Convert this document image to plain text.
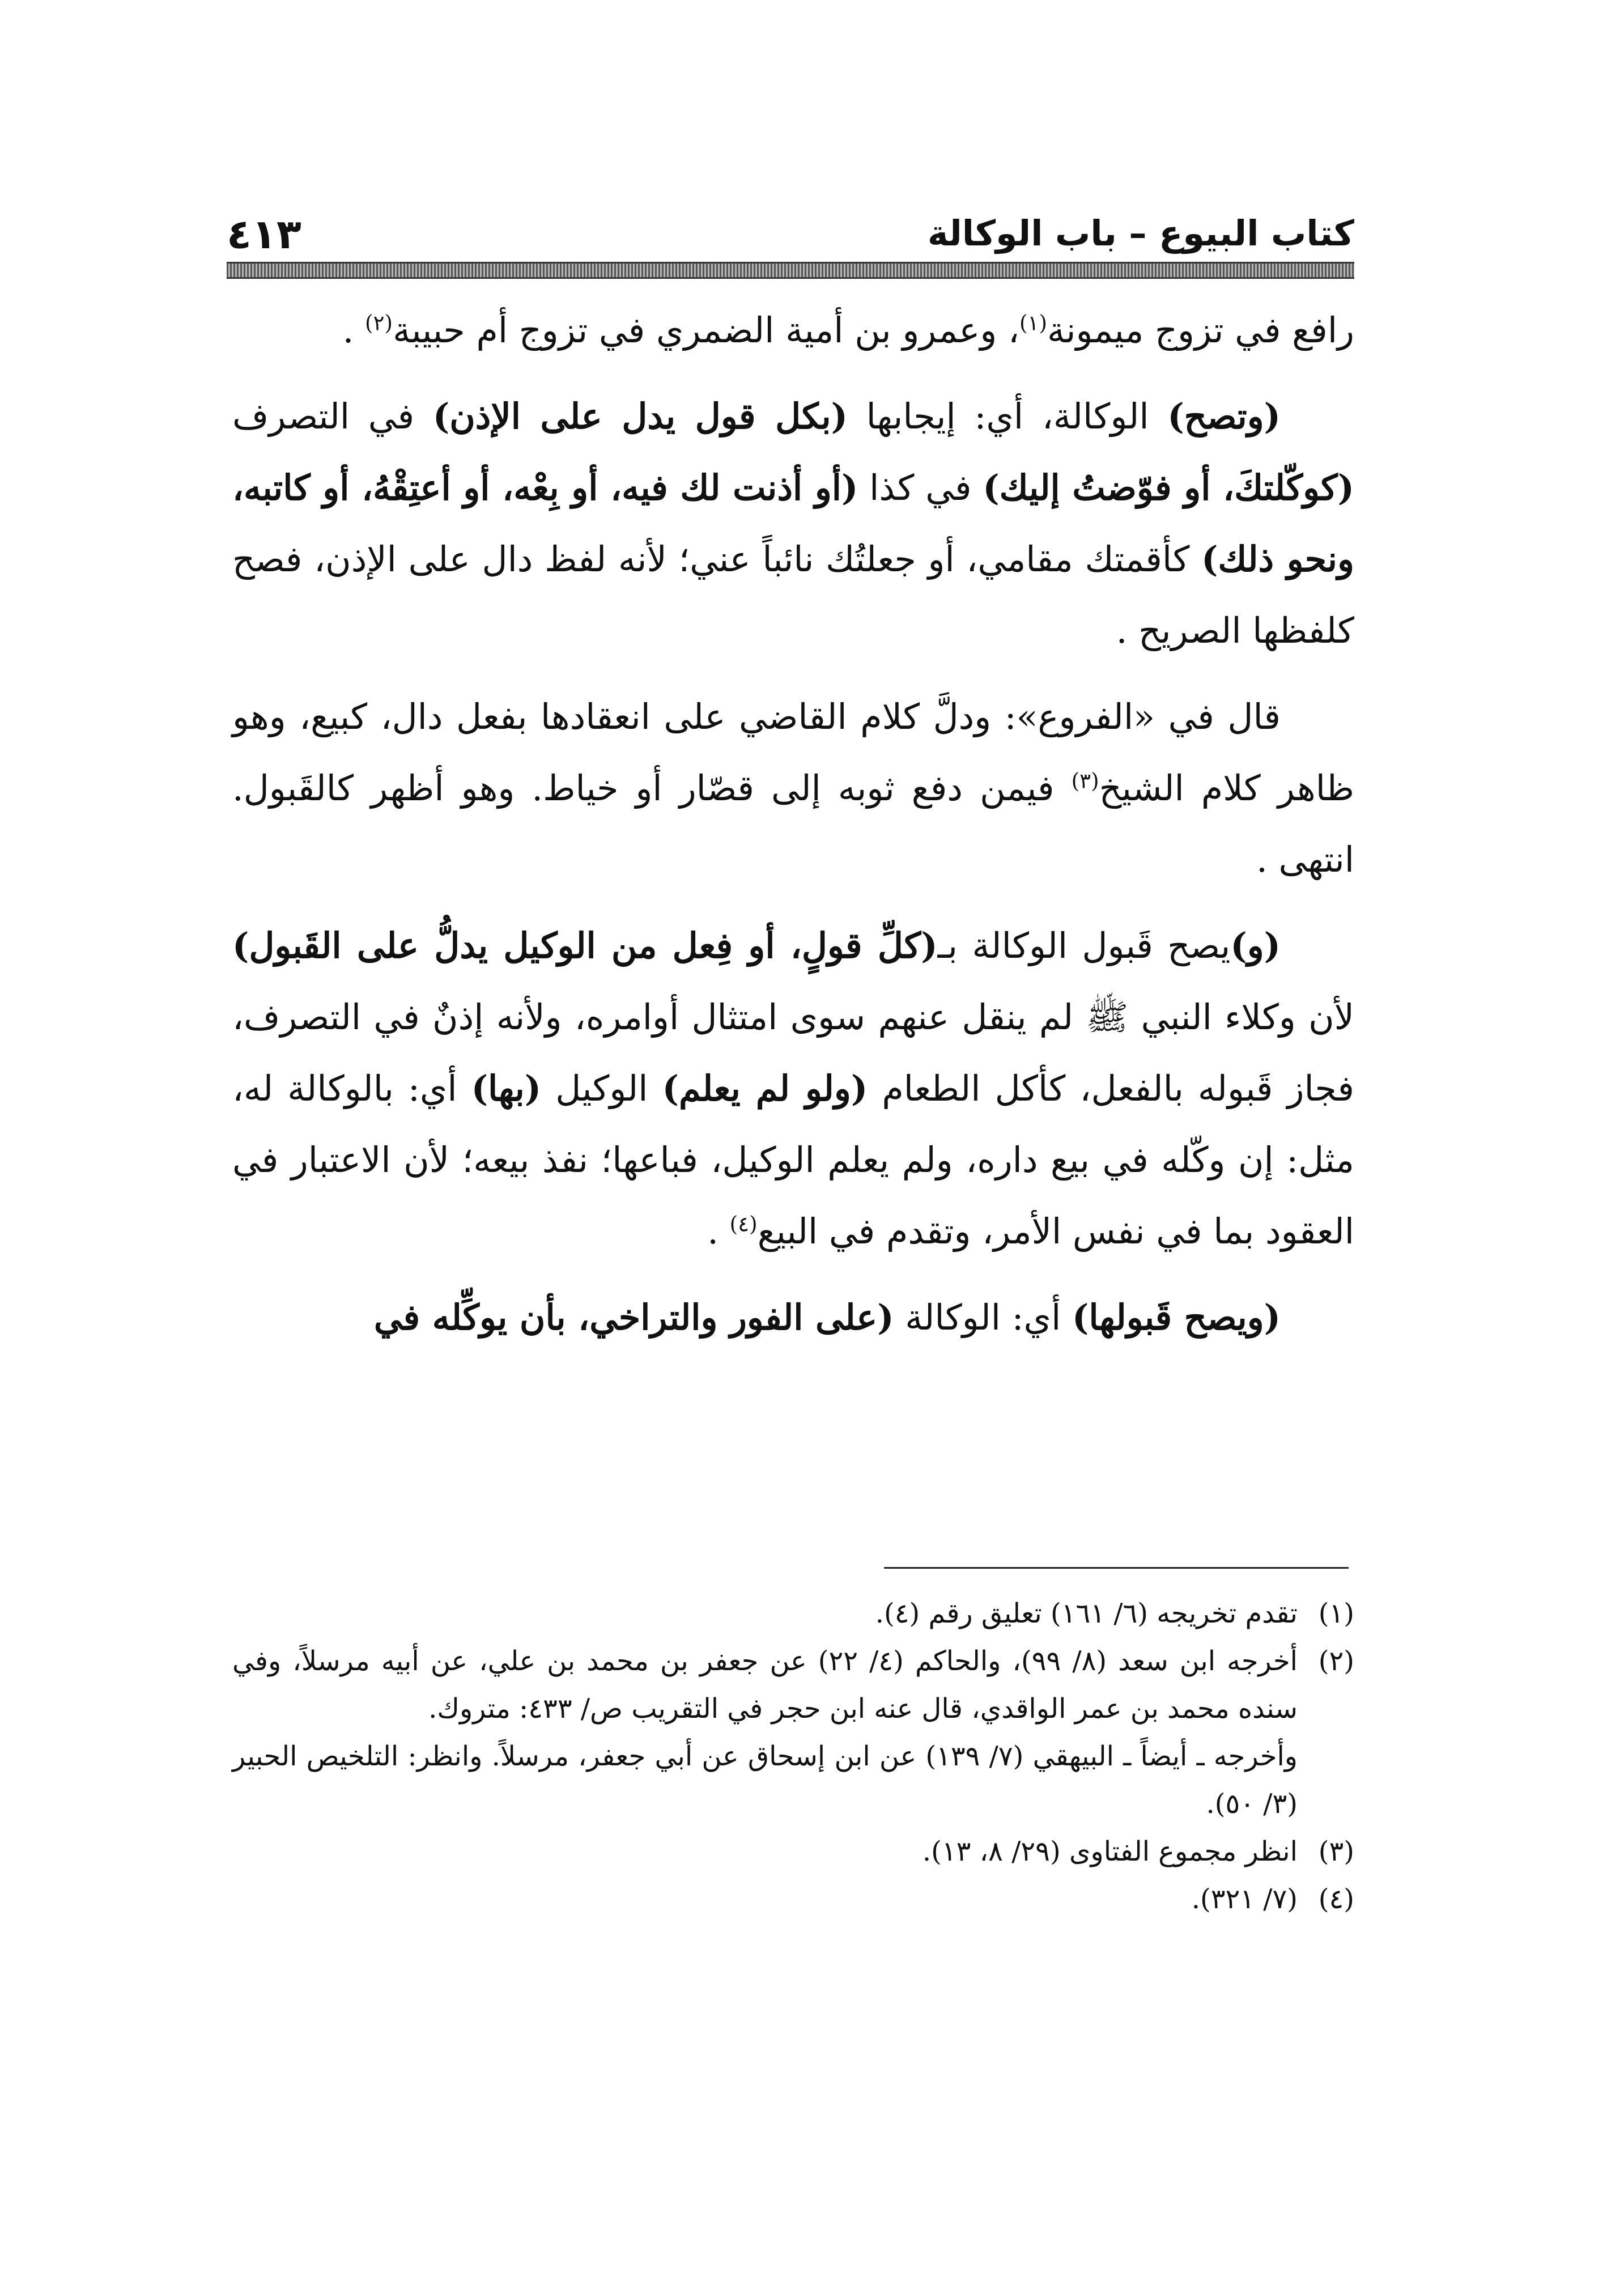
كتاب البيوع – باب الوكالة
٤١٣

رافع في تزوج ميمونة$^{(١)}$، وعمرو بن أمية الضمري في تزوج أم حبيبة$^{(٢)}$ .

(وتصح) الوكالة، أي: إيجابها (بكل قول يدل على الإذن) في التصرف (كوكّلتكَ، أو فوّضتُ إليك) في كذا (أو أذنت لك فيه، أو بِعْه، أو أعتِقْهُ، أو كاتبه، ونحو ذلك) كأقمتك مقامي، أو جعلتُك نائباً عني؛ لأنه لفظ دال على الإذن، فصح كلفظها الصريح .

قال في «الفروع»: ودلَّ كلام القاضي على انعقادها بفعل دال، كبيع، وهو ظاهر كلام الشيخ$^{(٣)}$ فيمن دفع ثوبه إلى قصّار أو خياط. وهو أظهر كالقَبول. انتهى .

(و)يصح قَبول الوكالة بـ(كلِّ قولٍ، أو فِعل من الوكيل يدلُّ على القَبول) لأن وكلاء النبي ﷺ لم ينقل عنهم سوى امتثال أوامره، ولأنه إذنٌ في التصرف، فجاز قَبوله بالفعل، كأكل الطعام (ولو لم يعلم) الوكيل (بها) أي: بالوكالة له، مثل: إن وكّله في بيع داره، ولم يعلم الوكيل، فباعها؛ نفذ بيعه؛ لأن الاعتبار في العقود بما في نفس الأمر، وتقدم في البيع$^{(٤)}$ .

(ويصح قَبولها) أي: الوكالة (على الفور والتراخي، بأن يوكِّله في

(١)
تقدم تخريجه (٦/ ١٦١) تعليق رقم (٤).

(٢)
أخرجه ابن سعد (٨/ ٩٩)، والحاكم (٤/ ٢٢) عن جعفر بن محمد بن علي، عن أبيه مرسلاً، وفي سنده محمد بن عمر الواقدي، قال عنه ابن حجر في التقريب ص/ ٤٣٣: متروك.

وأخرجه ـ أيضاً ـ البيهقي (٧/ ١٣٩) عن ابن إسحاق عن أبي جعفر، مرسلاً. وانظر: التلخيص الحبير (٣/ ٥٠).

(٣)
انظر مجموع الفتاوى (٢٩/ ٨، ١٣).

(٤)
(٧/ ٣٢١).
